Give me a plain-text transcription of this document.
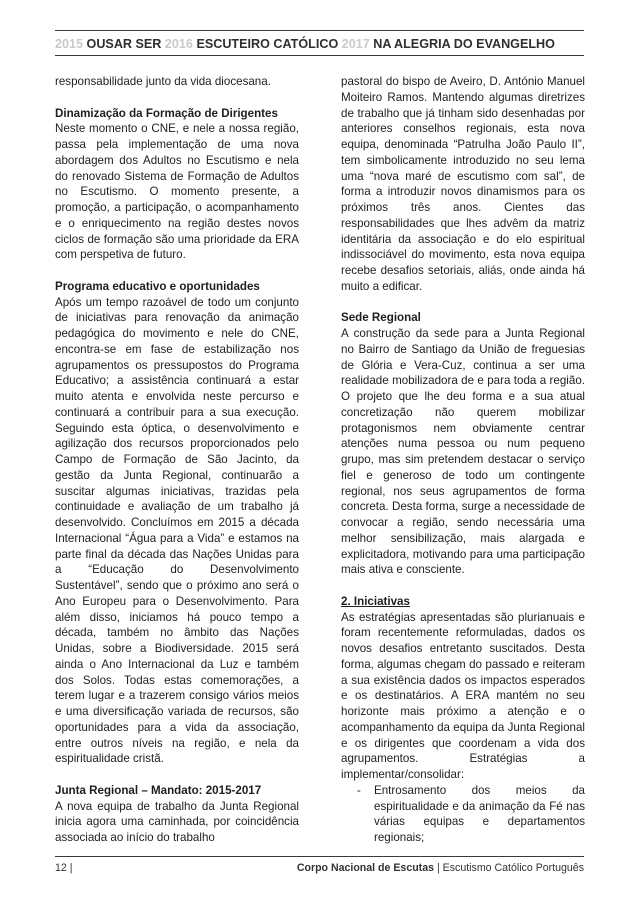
2015 OUSAR SER 2016 ESCUTEIRO CATÓLICO 2017 NA ALEGRIA DO EVANGELHO

responsabilidade junto da vida diocesana.

Dinamização da Formação de Dirigentes

Neste momento o CNE, e nele a nossa região, passa pela implementação de uma nova abordagem dos Adultos no Escutismo e nela do renovado Sistema de Formação de Adultos no Escutismo. O momento presente, a promoção, a participação, o acompanhamento e o enriquecimento na região destes novos ciclos de formação são uma prioridade da ERA com perspetiva de futuro.

Programa educativo e oportunidades

Após um tempo razoável de todo um conjunto de iniciativas para renovação da animação pedagógica do movimento e nele do CNE, encontra-se em fase de estabilização nos agrupamentos os pressupostos do Programa Educativo; a assistência continuará a estar muito atenta e envolvida neste percurso e continuará a contribuir para a sua execução. Seguindo esta óptica, o desenvolvimento e agilização dos recursos proporcionados pelo Campo de Formação de São Jacinto, da gestão da Junta Regional, continuarão a suscitar algumas iniciativas, trazidas pela continuidade e avaliação de um trabalho já desenvolvido. Concluímos em 2015 a década Internacional “Água para a Vida” e estamos na parte final da década das Nações Unidas para a “Educação do Desenvolvimento Sustentável”, sendo que o próximo ano será o Ano Europeu para o Desenvolvimento. Para além disso, iniciamos há pouco tempo a década, também no âmbito das Nações Unidas, sobre a Biodiversidade. 2015 será ainda o Ano Internacional da Luz e também dos Solos. Todas estas comemorações, a terem lugar e a trazerem consigo vários meios e uma diversificação variada de recursos, são oportunidades para a vida da associação, entre outros níveis na região, e nela da espiritualidade cristã.

Junta Regional – Mandato: 2015-2017

A nova equipa de trabalho da Junta Regional inicia agora uma caminhada, por coincidência associada ao início do trabalho

pastoral do bispo de Aveiro, D. António Manuel Moiteiro Ramos. Mantendo algumas diretrizes de trabalho que já tinham sido desenhadas por anteriores conselhos regionais, esta nova equipa, denominada “Patrulha João Paulo II”, tem simbolicamente introduzido no seu lema uma “nova maré de escutismo com sal”, de forma a introduzir novos dinamismos para os próximos três anos. Cientes das responsabilidades que lhes advêm da matriz identitária da associação e do elo espiritual indissociável do movimento, esta nova equipa recebe desafios setoriais, aliás, onde ainda há muito a edificar.

Sede Regional

A construção da sede para a Junta Regional no Bairro de Santiago da União de freguesias de Glória e Vera-Cuz, continua a ser uma realidade mobilizadora de e para toda a região. O projeto que lhe deu forma e a sua atual concretização não querem mobilizar protagonismos nem obviamente centrar atenções numa pessoa ou num pequeno grupo, mas sim pretendem destacar o serviço fiel e generoso de todo um contingente regional, nos seus agrupamentos de forma concreta. Desta forma, surge a necessidade de convocar a região, sendo necessária uma melhor sensibilização, mais alargada e explicitadora, motivando para uma participação mais ativa e consciente.

2. Iniciativas

As estratégias apresentadas são plurianuais e foram recentemente reformuladas, dados os novos desafios entretanto suscitados. Desta forma, algumas chegam do passado e reiteram a sua existência dados os impactos esperados e os destinatários. A ERA mantém no seu horizonte mais próximo a atenção e o acompanhamento da equipa da Junta Regional e os dirigentes que coordenam a vida dos agrupamentos. Estratégias a implementar/consolidar:

- Entrosamento dos meios da espiritualidade e da animação da Fé nas várias equipas e departamentos regionais;
12 |	Corpo Nacional de Escutas | Escutismo Católico Português
